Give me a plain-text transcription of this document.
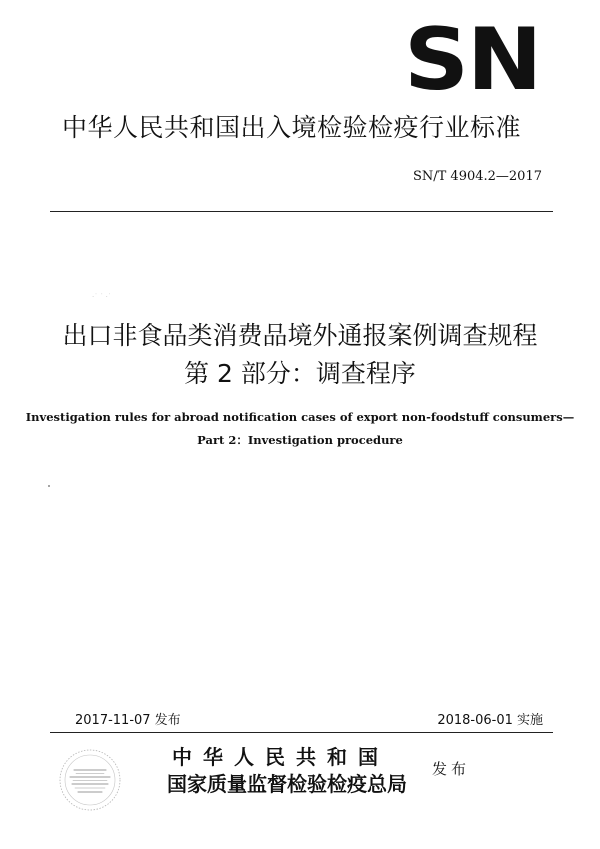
SN
中华人民共和国出入境检验检疫行业标准
SN/T 4904.2—2017
·˙ ˙ ·˙
出口非食品类消费品境外通报案例调查规程
第 2 部分：调查程序
Investigation rules for abroad notification cases of export non-foodstuff consumers—
Part 2：Investigation procedure
2017-11-07 发布	2018-06-01 实施
中华人民共和国
国家质量监督检验检疫总局
发布
